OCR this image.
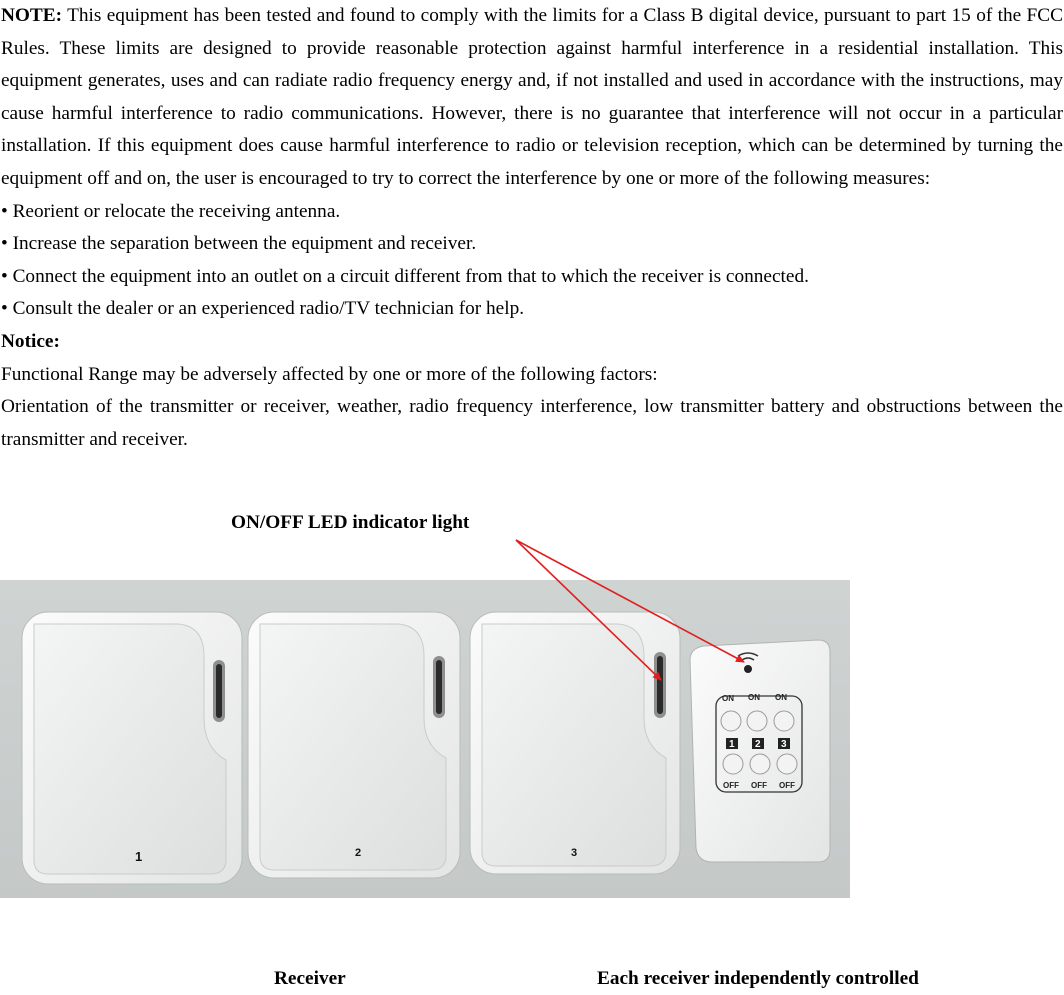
NOTE: This equipment has been tested and found to comply with the limits for a Class B digital device, pursuant to part 15 of the FCC Rules. These limits are designed to provide reasonable protection against harmful interference in a residential installation. This equipment generates, uses and can radiate radio frequency energy and, if not installed and used in accordance with the instructions, may cause harmful interference to radio communications. However, there is no guarantee that interference will not occur in a particular installation. If this equipment does cause harmful interference to radio or television reception, which can be determined by turning the equipment off and on, the user is encouraged to try to correct the interference by one or more of the following measures:

• Reorient or relocate the receiving antenna.

• Increase the separation between the equipment and receiver.

• Connect the equipment into an outlet on a circuit different from that to which the receiver is connected.

• Consult the dealer or an experienced radio/TV technician for help.

Notice:

Functional Range may be adversely affected by one or more of the following factors:

Orientation of the transmitter or receiver, weather, radio frequency interference, low transmitter battery and obstructions between the transmitter and receiver.

ON/OFF LED indicator light
1	2	3
ON ON ON
1 2 3
OFF OFF OFF
Receiver	Each receiver independently controlled
